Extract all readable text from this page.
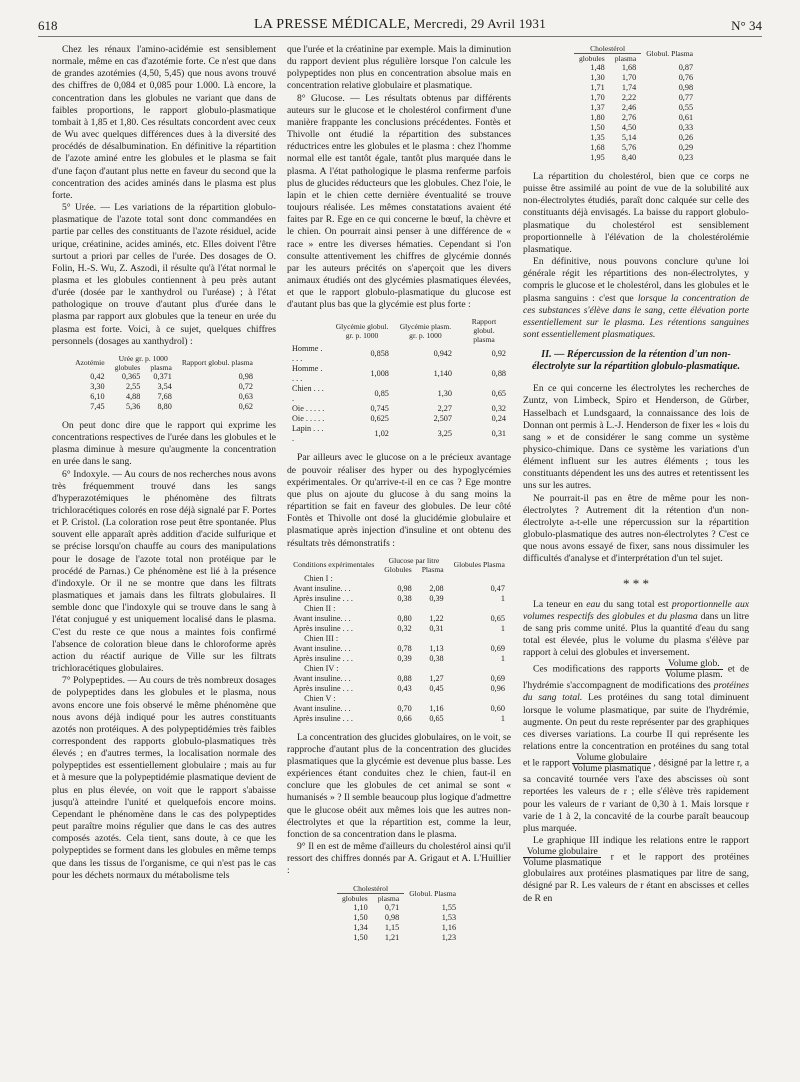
618	LA PRESSE MÉDICALE, Mercredi, 29 Avril 1931	N° 34

Chez les rénaux l'amino-acidémie est sensiblement normale, même en cas d'azotémie forte. Ce n'est que dans de grandes azotémies (4,50, 5,45) que nous avons trouvé des chiffres de 0,084 et 0,085 pour 1.000. Là encore, la concentration dans les globules ne variant que dans de faibles proportions, le rapport globulo-plasmatique tombait à 1,85 et 1,80. Ces résultats concordent avec ceux de Wu avec quelques différences dues à la diversité des procédés de désalbumination. En définitive la répartition de l'azote aminé entre les globules et le plasma se fait d'une façon d'autant plus nette en faveur du second que la concentration des acides aminés dans le plasma est plus forte.

5° Urée. — Les variations de la répartition globulo-plasmatique de l'azote total sont donc commandées en partie par celles des constituants de l'azote résiduel, acide urique, créatinine, acides aminés, etc. Elles doivent l'être surtout a priori par celles de l'urée. Des dosages de O. Folin, H.-S. Wu, Z. Aszodi, il résulte qu'à l'état normal le plasma et les globules contiennent à peu près autant d'urée (dosée par le xanthydrol ou l'uréase) ; à l'état pathologique on trouve d'autant plus d'urée dans le plasma par rapport aux globules que la teneur en urée du plasma est forte. Voici, à ce sujet, quelques chiffres personnels (dosages au xanthydrol) :

Azotémie	Urée gr. p. 1000		Rapport globul. plasma
	globules	plasma	
0,42	0,365	0,371	0,98
3,30	2,55	3,54	0,72
6,10	4,88	7,68	0,63
7,45	5,36	8,80	0,62

On peut donc dire que le rapport qui exprime les concentrations respectives de l'urée dans les globules et le plasma diminue à mesure qu'augmente la concentration en urée dans le sang.

6° Indoxyle. — Au cours de nos recherches nous avons très fréquemment trouvé dans les sangs d'hyperazotémiques le phénomène des filtrats trichloracétiques colorés en rose déjà signalé par F. Portes et P. Cristol. (La coloration rose peut être spontanée. Plus souvent elle apparaît après addition d'acide sulfurique et se précise lorsqu'on chauffe au cours des manipulations pour le dosage de l'azote total non protéique par le procédé de Parnas.) Ce phénomène est lié à la présence d'indoxyle. Or il ne se montre que dans les filtrats plasmatiques et jamais dans les filtrats globulaires. Il semble donc que l'indoxyle qui se trouve dans le sang à l'état conjugué y est uniquement localisé dans le plasma. C'est du reste ce que nous a maintes fois confirmé l'absence de coloration bleue dans le chloroforme après action du réactif aurique de Ville sur les filtrats trichloracétiques globulaires.

7° Polypeptides. — Au cours de très nombreux dosages de polypeptides dans les globules et le plasma, nous avons encore une fois observé le même phénomène que nous avons déjà indiqué pour les autres constituants azotés non protéiques. A des polypeptidémies très faibles correspondent des rapports globulo-plasmatiques très élevés ; en d'autres termes, la localisation normale des polypeptides est essentiellement globulaire ; mais au fur et à mesure que la polypeptidémie plasmatique devient de plus en plus élevée, on voit que le rapport s'abaisse jusqu'à atteindre l'unité et quelquefois encore moins. Cependant le phénomène dans le cas des polypeptides peut paraître moins régulier que dans le cas des autres composés azotés. Cela tient, sans doute, à ce que les polypeptides se forment dans les globules en même temps que dans les tissus de l'organisme, ce qui n'est pas le cas pour les déchets normaux du métabolisme tels

que l'urée et la créatinine par exemple. Mais la diminution du rapport devient plus régulière lorsque l'on calcule les polypeptides non plus en concentration absolue mais en concentration relative globulaire et plasmatique.

8° Glucose. — Les résultats obtenus par différents auteurs sur le glucose et le cholestérol confirment d'une manière frappante les conclusions précédentes. Fontès et Thivolle ont étudié la répartition des substances réductrices entre les globules et le plasma : chez l'homme normal elle est tantôt égale, tantôt plus marquée dans le plasma. A l'état pathologique le plasma renferme parfois plus de glucides réducteurs que les globules. Chez l'oie, le lapin et le chien cette dernière éventualité se trouve toujours réalisée. Les mêmes constatations avaient été faites par R. Ege en ce qui concerne le bœuf, la chèvre et le chien. On pourrait ainsi penser à une différence de « race » entre les diverses hématies. Cependant si l'on consulte attentivement les chiffres de glycémie donnés par les auteurs précités on s'aperçoit que les divers animaux étudiés ont des glycémies plasmatiques élevées, et que le rapport globulo-plasmatique du glucose est d'autant plus bas que la glycémie est plus forte :

	Glycémie globul. gr. p. 1000	Glycémie plasm. gr. p. 1000	Rapport globul. plasma
Homme . . . .	0,858	0,942	0,92
Homme . . . .	1,008	1,140	0,88
Chien . . . .	0,85	1,30	0,65
Oie . . . . .	0,745	2,27	0,32
Oie . . . . .	0,625	2,507	0,24
Lapin . . . .	1,02	3,25	0,31

Par ailleurs avec le glucose on a le précieux avantage de pouvoir réaliser des hyper ou des hypoglycémies expérimentales. Or qu'arrive-t-il en ce cas ? Ege montre que plus on ajoute du glucose à du sang moins la répartition se fait en faveur des globules. De leur côté Fontès et Thivolle ont dosé la glucidémie globulaire et plasmatique après injection d'insuline et ont obtenu des résultats très démonstratifs :

Conditions expérimentales	Glucose par litre		Globules Plasma
	Globules	Plasma	
Chien I :			
Avant insuline. . .	0,98	2,08	0,47
Après insuline . . .	0,38	0,39	1
Chien II :			
Avant insuline. . .	0,80	1,22	0,65
Après insuline . . .	0,32	0,31	1
Chien III :			
Avant insuline. . .	0,78	1,13	0,69
Après insuline . . .	0,39	0,38	1
Chien IV :			
Avant insuline. . .	0,88	1,27	0,69
Après insuline . . .	0,43	0,45	0,96
Chien V :			
Avant insuline. . .	0,70	1,16	0,60
Après insuline . . .	0,66	0,65	1

La concentration des glucides globulaires, on le voit, se rapproche d'autant plus de la concentration des glucides plasmatiques que la glycémie est devenue plus basse. Les expériences étant conduites chez le chien, faut-il en conclure que les globules de cet animal se sont « humanisés » ? Il semble beaucoup plus logique d'admettre que le glucose obéit aux mêmes lois que les autres non-électrolytes et que la répartition est, comme la leur, fonction de sa concentration dans le plasma.

9° Il en est de même d'ailleurs du cholestérol ainsi qu'il ressort des chiffres donnés par A. Grigaut et A. L'Huillier :

Cholestérol		Globul. Plasma
globules	plasma	
1,10	0,71	1,55
1,50	0,98	1,53
1,34	1,15	1,16
1,50	1,21	1,23
Cholestérol		Globul. Plasma
globules	plasma	
1,48	1,68	0,87
1,30	1,70	0,76
1,71	1,74	0,98
1,70	2,22	0,77
1,37	2,46	0,55
1,80	2,76	0,61
1,50	4,50	0,33
1,35	5,14	0,26
1,68	5,76	0,29
1,95	8,40	0,23

La répartition du cholestérol, bien que ce corps ne puisse être assimilé au point de vue de la solubilité aux non-électrolytes étudiés, paraît donc calquée sur celle des constituants déjà envisagés. La baisse du rapport globulo-plasmatique du cholestérol est sensiblement proportionnelle à l'élévation de la cholestérolémie plasmatique.

En définitive, nous pouvons conclure qu'une loi générale régit les répartitions des non-électrolytes, y compris le glucose et le cholestérol, dans les globules et le plasma sanguins : c'est que lorsque la concentration de ces substances s'élève dans le sang, cette élévation porte essentiellement sur le plasma. Les rétentions sanguines sont essentiellement plasmatiques.

II. — Répercussion de la rétention d'un non-électrolyte sur la répartition globulo-plasmatique.

En ce qui concerne les électrolytes les recherches de Zuntz, von Limbeck, Spiro et Henderson, de Gürber, Hasselbach et Lundsgaard, la connaissance des lois de Donnan ont permis à L.-J. Henderson de fixer les « lois du sang » et de considérer le sang comme un système physico-chimique. Dans ce système les variations d'un élément influent sur les autres éléments ; tous les constituants dépendent les uns des autres et retentissent les uns sur les autres.

Ne pourrait-il pas en être de même pour les non-électrolytes ? Autrement dit la rétention d'un non-électrolyte a-t-elle une répercussion sur la répartition globulo-plasmatique des autres non-électrolytes ? C'est ce que nous avons essayé de fixer, sans nous dissimuler les difficultés d'analyse et d'interprétation d'un tel sujet.

* * *

La teneur en eau du sang total est proportionnelle aux volumes respectifs des globules et du plasma dans un litre de sang pris comme unité. Plus la quantité d'eau du sang total est élevée, plus le volume du plasma s'élève par rapport à celui des globules et inversement.

Ces modifications des rapports $\frac{\text{Volume glob.}}{\text{Volume plasm.}}$ et de l'hydrémie s'accompagnent de modifications des protéines du sang total. Les protéines du sang total diminuent lorsque le volume plasmatique, par suite de l'hydrémie, augmente. On peut du reste représenter par des graphiques ces diverses variations. La courbe II qui représente les relations entre la concentration en protéines du sang total et le rapport $\frac{\text{Volume globulaire}}{\text{Volume plasmatique}}$ , désigné par la lettre r, a sa concavité tournée vers l'axe des abscisses où sont reportées les valeurs de r ; elle s'élève très rapidement pour les valeurs de r variant de 0,30 à 1. Mais lorsque r varie de 1 à 2, la concavité de la courbe paraît beaucoup plus marquée.

Le graphique III indique les relations entre le rapport
$\frac{\text{Volume globulaire}}{\text{Volume plasmatique}}$ r et le rapport des protéines globulaires aux protéines plasmatiques par litre de sang, désigné par R. Les valeurs de r étant en abscisses et celles de R en
